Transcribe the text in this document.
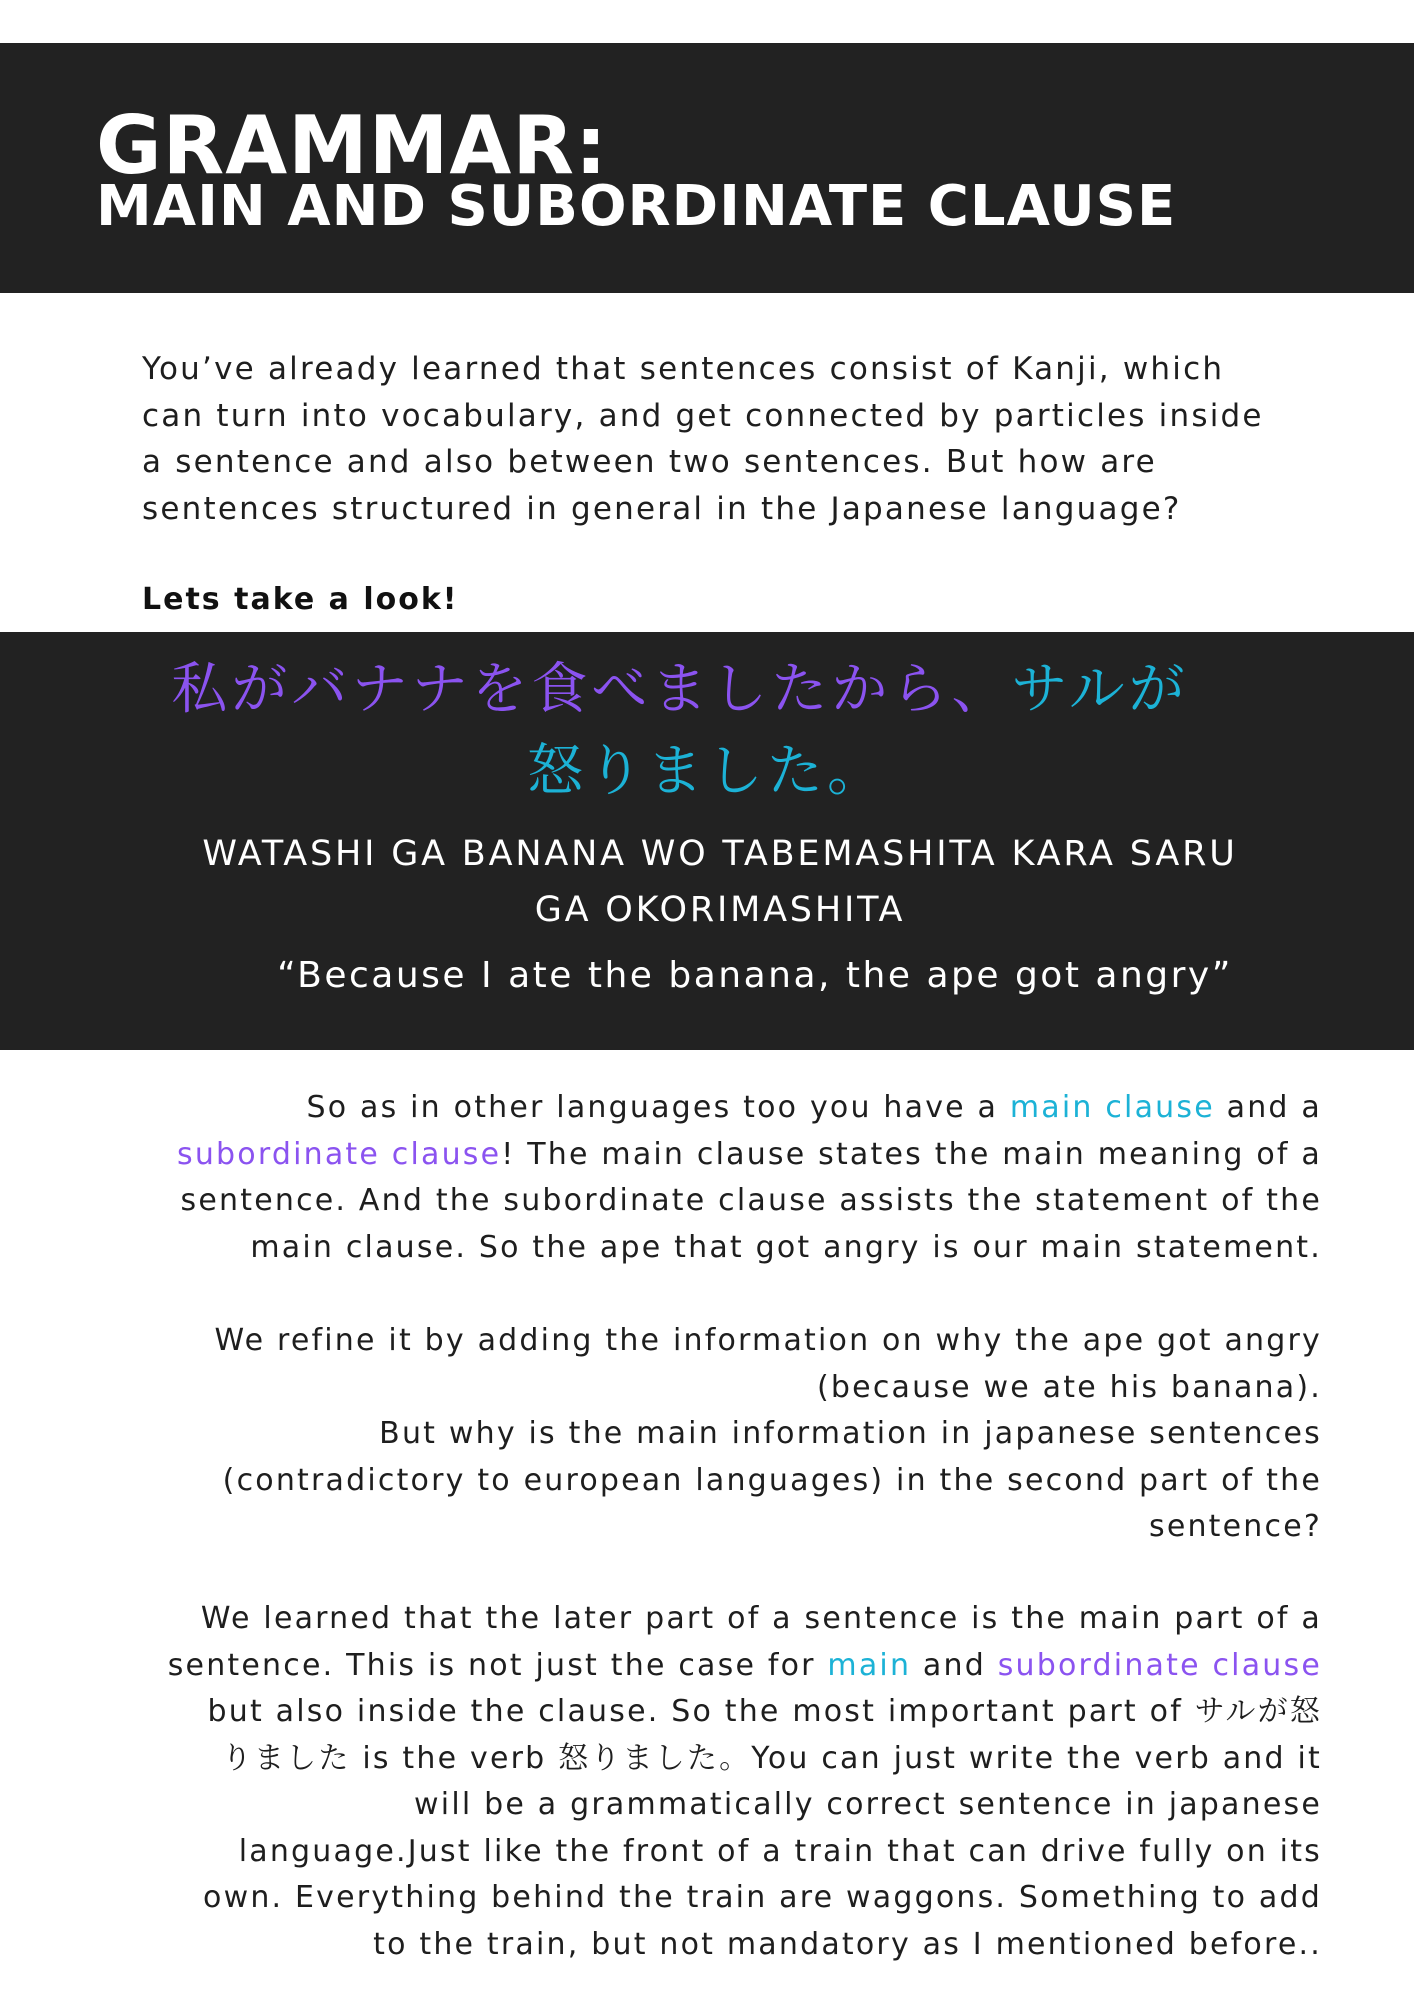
GRAMMAR:
MAIN AND SUBORDINATE CLAUSE

You’ve already learned that sentences consist of Kanji, which
can turn into vocabulary, and get connected by particles inside
a sentence and also between two sentences. But how are
sentences structured in general in the Japanese language?

Lets take a look!

私がバナナを食べましたから、サルが

怒りました。

WATASHI GA BANANA WO TABEMASHITA KARA SARU
GA OKORIMASHITA

“Because I ate the banana, the ape got angry”

So as in other languages too you have a main clause and a
subordinate clause! The main clause states the main meaning of a
sentence. And the subordinate clause assists the statement of the
main clause. So the ape that got angry is our main statement.

We refine it by adding the information on why the ape got angry
(because we ate his banana).
But why is the main information in japanese sentences
(contradictory to european languages) in the second part of the
sentence?

We learned that the later part of a sentence is the main part of a
sentence. This is not just the case for main and subordinate clause
but also inside the clause. So the most important part of サルが怒
りました is the verb 怒りました。You can just write the verb and it
will be a grammatically correct sentence in japanese
language.Just like the front of a train that can drive fully on its
own. Everything behind the train are waggons. Something to add
to the train, but not mandatory as I mentioned before..
